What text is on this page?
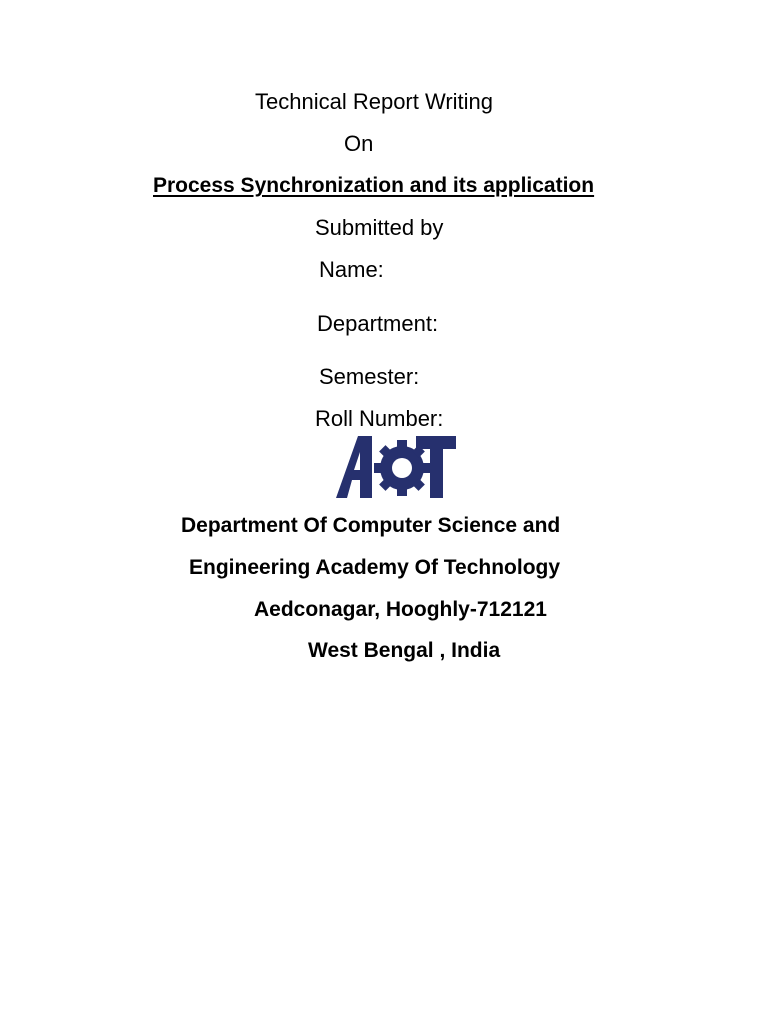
Technical Report Writing
On
Process Synchronization and its application
Submitted by
Name:
Department:
Semester:
Roll Number:
Department Of Computer Science and
Engineering Academy Of Technology
Aedconagar, Hooghly-712121
West Bengal , India
